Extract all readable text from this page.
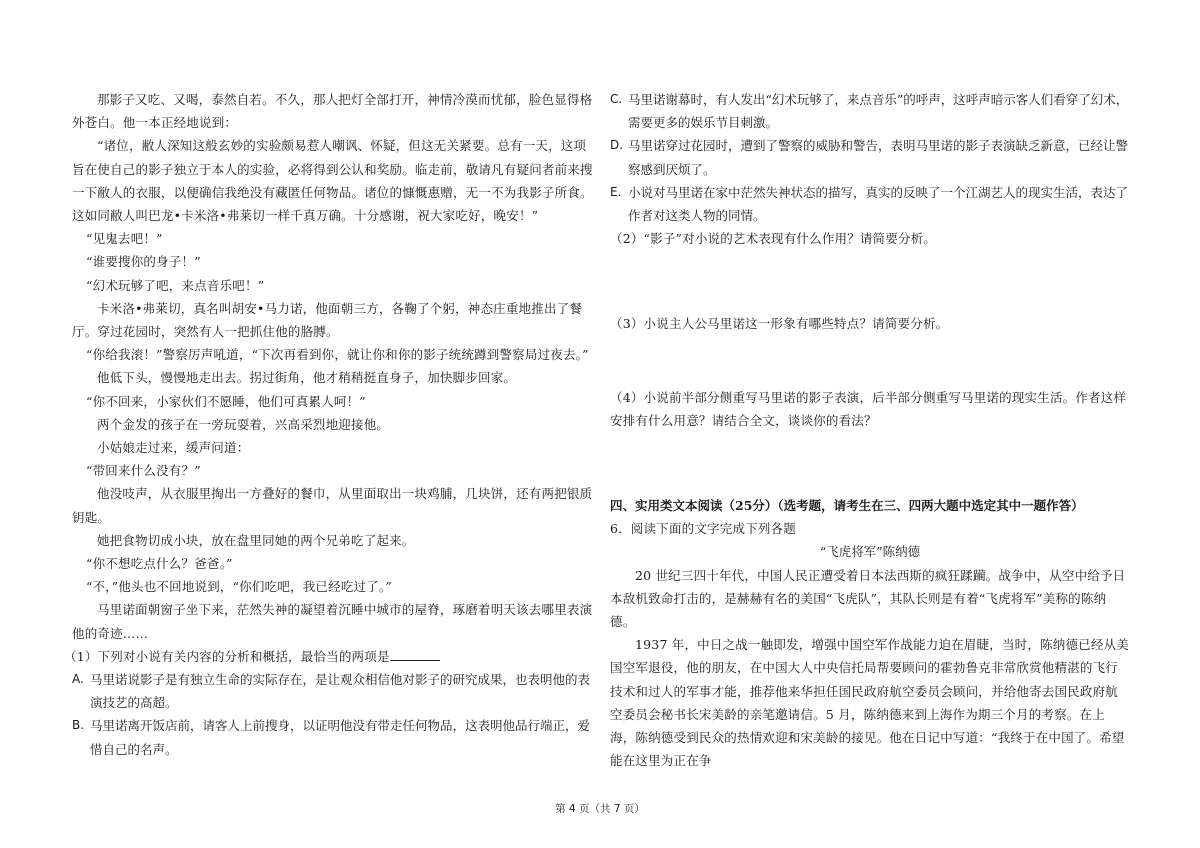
那影子又吃、又喝，泰然自若。不久，那人把灯全部打开，神情冷漠而忧郁，脸色显得格外苍白。他一本正经地说到：

“诸位，敝人深知这般玄妙的实验颇易惹人嘲讽、怀疑，但这无关紧要。总有一天，这项旨在使自己的影子独立于本人的实验，必将得到公认和奖励。临走前，敬请凡有疑问者前来搜一下敝人的衣服，以便确信我绝没有藏匿任何物品。诸位的慷慨惠赠，无一不为我影子所食。这如同敝人叫巴龙•卡米洛•弗莱切一样千真万确。十分感谢，祝大家吃好，晚安！”

“见鬼去吧！”

“谁要搜你的身子！”

“幻术玩够了吧，来点音乐吧！”

卡米洛•弗莱切，真名叫胡安•马力诺，他面朝三方，各鞠了个躬，神态庄重地推出了餐厅。穿过花园时，突然有人一把抓住他的胳膊。

“你给我滚！”警察厉声吼道，“下次再看到你，就让你和你的影子统统蹲到警察局过夜去。”

他低下头，慢慢地走出去。拐过街角，他才稍稍挺直身子，加快脚步回家。

“你不回来，小家伙们不愿睡，他们可真累人呵！”

两个金发的孩子在一旁玩耍着，兴高采烈地迎接他。

小姑娘走过来，缓声问道：

“带回来什么没有？”

他没吱声，从衣服里掏出一方叠好的餐巾，从里面取出一块鸡脯，几块饼，还有两把银质钥匙。

她把食物切成小块，放在盘里同她的两个兄弟吃了起来。

“你不想吃点什么？爸爸。”

“不，”他头也不回地说到，“你们吃吧，我已经吃过了。”

马里诺面朝窗子坐下来，茫然失神的凝望着沉睡中城市的屋脊，琢磨着明天该去哪里表演他的奇迹……

（1）下列对小说有关内容的分析和概括，最恰当的两项是

A. 马里诺说影子是有独立生命的实际存在，是让观众相信他对影子的研究成果，也表明他的表演技艺的高超。
B. 马里诺离开饭店前，请客人上前搜身，以证明他没有带走任何物品，这表明他品行端正，爱惜自己的名声。
C. 马里诺谢幕时，有人发出“幻术玩够了，来点音乐”的呼声，这呼声暗示客人们看穿了幻术，需要更多的娱乐节目刺激。
D. 马里诺穿过花园时，遭到了警察的威胁和警告，表明马里诺的影子表演缺乏新意，已经让警察感到厌烦了。
E. 小说对马里诺在家中茫然失神状态的描写，真实的反映了一个江湖艺人的现实生活，表达了作者对这类人物的同情。

（2）“影子”对小说的艺术表现有什么作用？请简要分析。

（3）小说主人公马里诺这一形象有哪些特点？请简要分析。

（4）小说前半部分侧重写马里诺的影子表演，后半部分侧重写马里诺的现实生活。作者这样安排有什么用意？请结合全文，谈谈你的看法？

四、实用类文本阅读（25分）（选考题，请考生在三、四两大题中选定其中一题作答）

6．阅读下面的文字完成下列各题

“飞虎将军”陈纳德

20 世纪三四十年代，中国人民正遭受着日本法西斯的疯狂蹂躏。战争中，从空中给予日本敌机致命打击的，是赫赫有名的美国“飞虎队”，其队长则是有着“飞虎将军”美称的陈纳德。

1937 年，中日之战一触即发，增强中国空军作战能力迫在眉睫，当时，陈纳德已经从美国空军退役，他的朋友，在中国大人中央信托局帮要顾问的霍勃鲁克非常欣赏他精湛的飞行技术和过人的军事才能，推荐他来华担任国民政府航空委员会顾问，并给他寄去国民政府航空委员会秘书长宋美龄的亲笔邀请信。5 月，陈纳德来到上海作为期三个月的考察。在上海，陈纳德受到民众的热情欢迎和宋美龄的接见。他在日记中写道：“我终于在中国了。希望能在这里为正在争

第 4 页（共 7 页）
